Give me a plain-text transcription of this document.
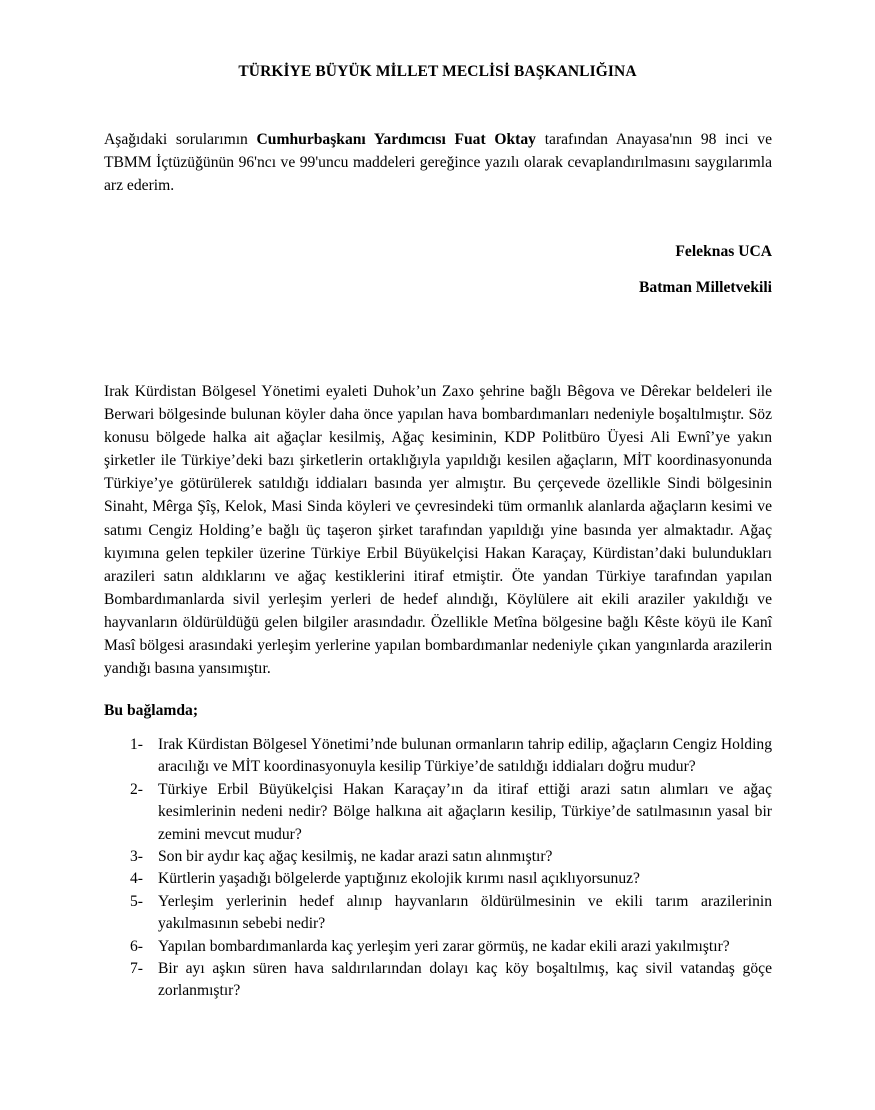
TÜRKİYE BÜYÜK MİLLET MECLİSİ BAŞKANLIĞINA
Aşağıdaki sorularımın Cumhurbaşkanı Yardımcısı Fuat Oktay tarafından Anayasa'nın 98 inci ve TBMM İçtüzüğünün 96'ncı ve 99'uncu maddeleri gereğince yazılı olarak cevaplandırılmasını saygılarımla arz ederim.
Feleknas UCA
Batman Milletvekili
Irak Kürdistan Bölgesel Yönetimi eyaleti Duhok’un Zaxo şehrine bağlı Bêgova ve Dêrekar beldeleri ile Berwari bölgesinde bulunan köyler daha önce yapılan hava bombardımanları nedeniyle boşaltılmıştır. Söz konusu bölgede halka ait ağaçlar kesilmiş, Ağaç kesiminin, KDP Politbüro Üyesi Ali Ewnî’ye yakın şirketler ile Türkiye’deki bazı şirketlerin ortaklığıyla yapıldığı kesilen ağaçların, MİT koordinasyonunda Türkiye’ye götürülerek satıldığı iddiaları basında yer almıştır. Bu çerçevede özellikle Sindi bölgesinin Sinaht, Mêrga Şîş, Kelok, Masi Sinda köyleri ve çevresindeki tüm ormanlık alanlarda ağaçların kesimi ve satımı Cengiz Holding’e bağlı üç taşeron şirket tarafından yapıldığı yine basında yer almaktadır. Ağaç kıyımına gelen tepkiler üzerine Türkiye Erbil Büyükelçisi Hakan Karaçay, Kürdistan’daki bulundukları arazileri satın aldıklarını ve ağaç kestiklerini itiraf etmiştir. Öte yandan Türkiye tarafından yapılan Bombardımanlarda sivil yerleşim yerleri de hedef alındığı, Köylülere ait ekili araziler yakıldığı ve hayvanların öldürüldüğü gelen bilgiler arasındadır. Özellikle Metîna bölgesine bağlı Kêste köyü ile Kanî Masî bölgesi arasındaki yerleşim yerlerine yapılan bombardımanlar nedeniyle çıkan yangınlarda arazilerin yandığı basına yansımıştır.
Bu bağlamda;
1- Irak Kürdistan Bölgesel Yönetimi’nde bulunan ormanların tahrip edilip, ağaçların Cengiz Holding aracılığı ve MİT koordinasyonuyla kesilip Türkiye’de satıldığı iddiaları doğru mudur?
2- Türkiye Erbil Büyükelçisi Hakan Karaçay’ın da itiraf ettiği arazi satın alımları ve ağaç kesimlerinin nedeni nedir? Bölge halkına ait ağaçların kesilip, Türkiye’de satılmasının yasal bir zemini mevcut mudur?
3- Son bir aydır kaç ağaç kesilmiş, ne kadar arazi satın alınmıştır?
4- Kürtlerin yaşadığı bölgelerde yaptığınız ekolojik kırımı nasıl açıklıyorsunuz?
5- Yerleşim yerlerinin hedef alınıp hayvanların öldürülmesinin ve ekili tarım arazilerinin yakılmasının sebebi nedir?
6- Yapılan bombardımanlarda kaç yerleşim yeri zarar görmüş, ne kadar ekili arazi yakılmıştır?
7- Bir ayı aşkın süren hava saldırılarından dolayı kaç köy boşaltılmış, kaç sivil vatandaş göçe zorlanmıştır?
